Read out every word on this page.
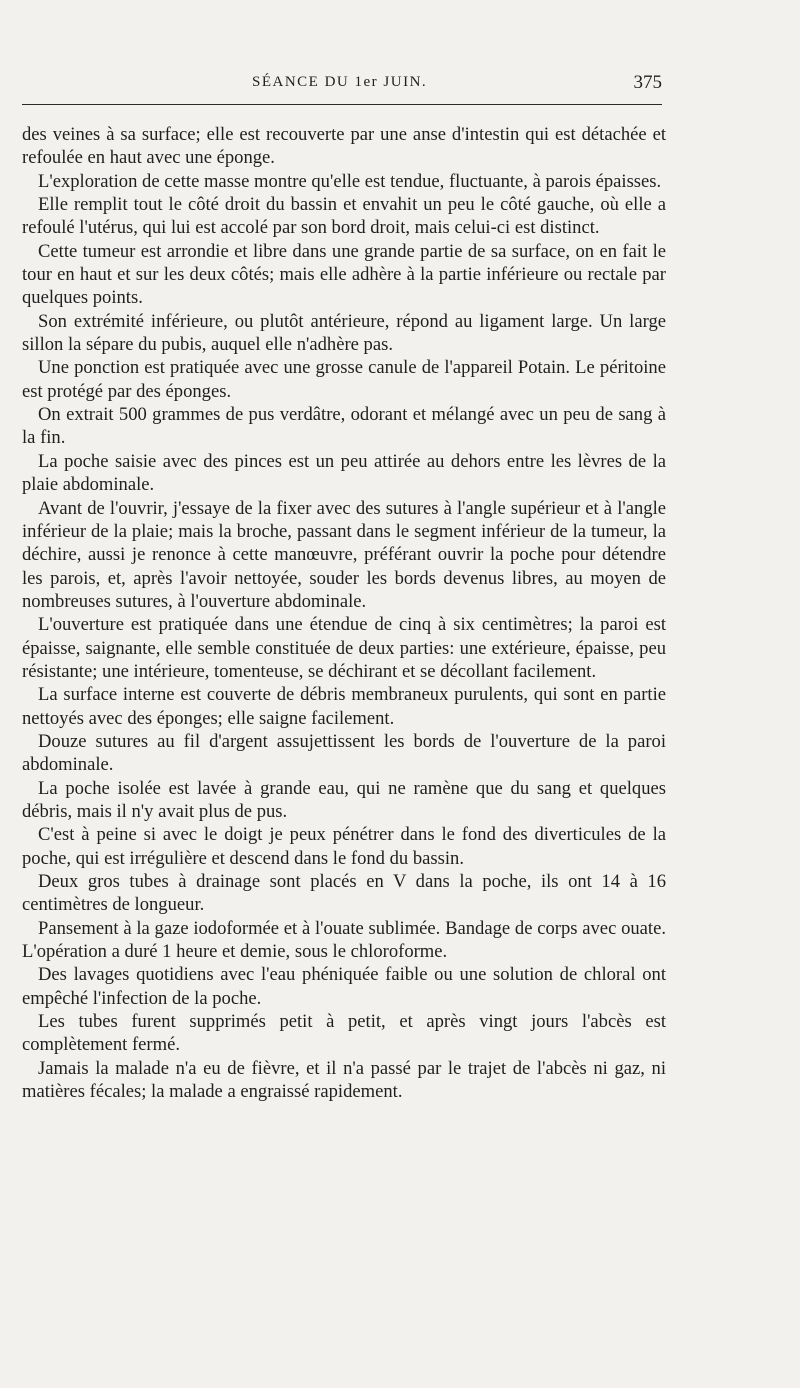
SÉANCE DU 1er JUIN.	375

des veines à sa surface; elle est recouverte par une anse d'intestin qui est détachée et refoulée en haut avec une éponge.

L'exploration de cette masse montre qu'elle est tendue, fluctuante, à parois épaisses.

Elle remplit tout le côté droit du bassin et envahit un peu le côté gauche, où elle a refoulé l'utérus, qui lui est accolé par son bord droit, mais celui-ci est distinct.

Cette tumeur est arrondie et libre dans une grande partie de sa surface, on en fait le tour en haut et sur les deux côtés; mais elle adhère à la partie inférieure ou rectale par quelques points.

Son extrémité inférieure, ou plutôt antérieure, répond au ligament large. Un large sillon la sépare du pubis, auquel elle n'adhère pas.

Une ponction est pratiquée avec une grosse canule de l'appareil Potain. Le péritoine est protégé par des éponges.

On extrait 500 grammes de pus verdâtre, odorant et mélangé avec un peu de sang à la fin.

La poche saisie avec des pinces est un peu attirée au dehors entre les lèvres de la plaie abdominale.

Avant de l'ouvrir, j'essaye de la fixer avec des sutures à l'angle supérieur et à l'angle inférieur de la plaie; mais la broche, passant dans le segment inférieur de la tumeur, la déchire, aussi je renonce à cette manœuvre, préférant ouvrir la poche pour détendre les parois, et, après l'avoir nettoyée, souder les bords devenus libres, au moyen de nombreuses sutures, à l'ouverture abdominale.

L'ouverture est pratiquée dans une étendue de cinq à six centimètres; la paroi est épaisse, saignante, elle semble constituée de deux parties: une extérieure, épaisse, peu résistante; une intérieure, tomenteuse, se déchirant et se décollant facilement.

La surface interne est couverte de débris membraneux purulents, qui sont en partie nettoyés avec des éponges; elle saigne facilement.

Douze sutures au fil d'argent assujettissent les bords de l'ouverture de la paroi abdominale.

La poche isolée est lavée à grande eau, qui ne ramène que du sang et quelques débris, mais il n'y avait plus de pus.

C'est à peine si avec le doigt je peux pénétrer dans le fond des diverticules de la poche, qui est irrégulière et descend dans le fond du bassin.

Deux gros tubes à drainage sont placés en V dans la poche, ils ont 14 à 16 centimètres de longueur.

Pansement à la gaze iodoformée et à l'ouate sublimée. Bandage de corps avec ouate. L'opération a duré 1 heure et demie, sous le chloroforme.

Des lavages quotidiens avec l'eau phéniquée faible ou une solution de chloral ont empêché l'infection de la poche.

Les tubes furent supprimés petit à petit, et après vingt jours l'abcès est complètement fermé.

Jamais la malade n'a eu de fièvre, et il n'a passé par le trajet de l'abcès ni gaz, ni matières fécales; la malade a engraissé rapidement.
